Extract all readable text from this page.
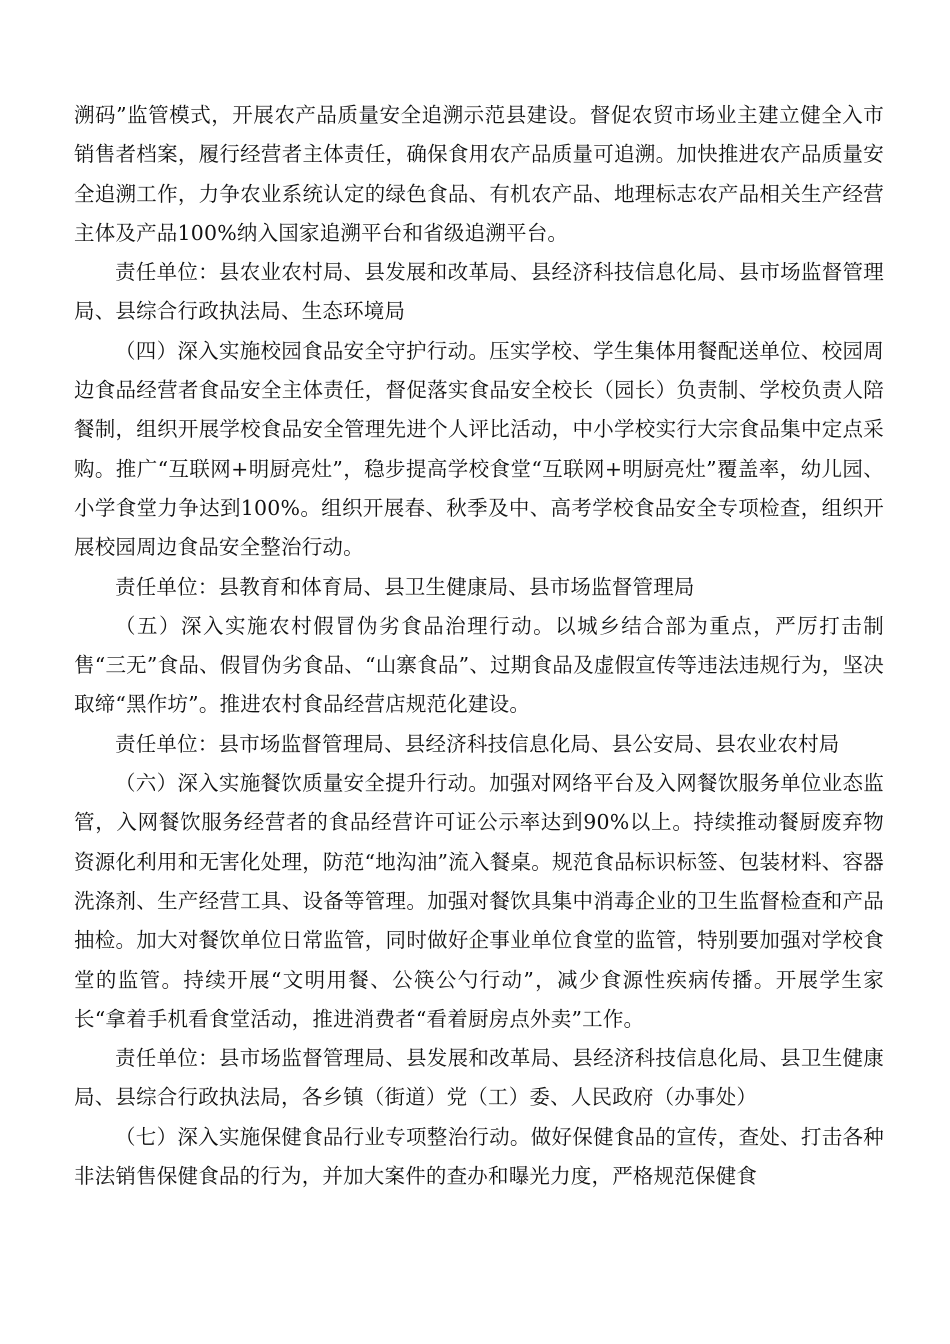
溯码”监管模式，开展农产品质量安全追溯示范县建设。督促农贸市场业主建立健全入市销售者档案，履行经营者主体责任，确保食用农产品质量可追溯。加快推进农产品质量安全追溯工作，力争农业系统认定的绿色食品、有机农产品、地理标志农产品相关生产经营主体及产品100%纳入国家追溯平台和省级追溯平台。

责任单位：县农业农村局、县发展和改革局、县经济科技信息化局、县市场监督管理局、县综合行政执法局、生态环境局

（四）深入实施校园食品安全守护行动。压实学校、学生集体用餐配送单位、校园周边食品经营者食品安全主体责任，督促落实食品安全校长（园长）负责制、学校负责人陪餐制，组织开展学校食品安全管理先进个人评比活动，中小学校实行大宗食品集中定点采购。推广“互联网+明厨亮灶”，稳步提高学校食堂“互联网+明厨亮灶”覆盖率，幼儿园、小学食堂力争达到100%。组织开展春、秋季及中、高考学校食品安全专项检查，组织开展校园周边食品安全整治行动。

责任单位：县教育和体育局、县卫生健康局、县市场监督管理局

（五）深入实施农村假冒伪劣食品治理行动。以城乡结合部为重点，严厉打击制售“三无”食品、假冒伪劣食品、“山寨食品”、过期食品及虚假宣传等违法违规行为，坚决取缔“黑作坊”。推进农村食品经营店规范化建设。

责任单位：县市场监督管理局、县经济科技信息化局、县公安局、县农业农村局

（六）深入实施餐饮质量安全提升行动。加强对网络平台及入网餐饮服务单位业态监管，入网餐饮服务经营者的食品经营许可证公示率达到90%以上。持续推动餐厨废弃物资源化利用和无害化处理，防范“地沟油”流入餐桌。规范食品标识标签、包装材料、容器洗涤剂、生产经营工具、设备等管理。加强对餐饮具集中消毒企业的卫生监督检查和产品抽检。加大对餐饮单位日常监管，同时做好企事业单位食堂的监管，特别要加强对学校食堂的监管。持续开展“文明用餐、公筷公勺行动”，减少食源性疾病传播。开展学生家长“拿着手机看食堂活动，推进消费者“看着厨房点外卖”工作。

责任单位：县市场监督管理局、县发展和改革局、县经济科技信息化局、县卫生健康局、县综合行政执法局，各乡镇（街道）党（工）委、人民政府（办事处）

（七）深入实施保健食品行业专项整治行动。做好保健食品的宣传，查处、打击各种非法销售保健食品的行为，并加大案件的查办和曝光力度，严格规范保健食
